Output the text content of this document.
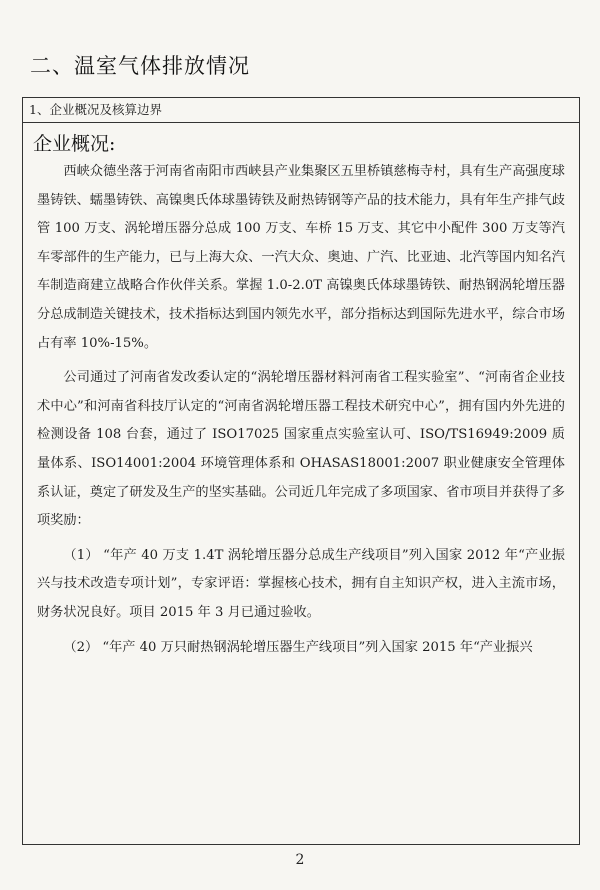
二、温室气体排放情况
1、企业概况及核算边界
企业概况:

西峡众德坐落于河南省南阳市西峡县产业集聚区五里桥镇慈梅寺村，具有生产高强度球墨铸铁、蠕墨铸铁、高镍奥氏体球墨铸铁及耐热铸钢等产品的技术能力，具有年生产排气歧管 100 万支、涡轮增压器分总成 100 万支、车桥 15 万支、其它中小配件 300 万支等汽车零部件的生产能力，已与上海大众、一汽大众、奥迪、广汽、比亚迪、北汽等国内知名汽车制造商建立战略合作伙伴关系。掌握 1.0-2.0T 高镍奥氏体球墨铸铁、耐热钢涡轮增压器分总成制造关键技术，技术指标达到国内领先水平，部分指标达到国际先进水平，综合市场占有率 10%-15%。

公司通过了河南省发改委认定的“涡轮增压器材料河南省工程实验室”、“河南省企业技术中心”和河南省科技厅认定的“河南省涡轮增压器工程技术研究中心”，拥有国内外先进的检测设备 108 台套，通过了 ISO17025 国家重点实验室认可、ISO/TS16949:2009 质量体系、ISO14001:2004 环境管理体系和 OHASAS18001:2007 职业健康安全管理体系认证，奠定了研发及生产的坚实基础。公司近几年完成了多项国家、省市项目并获得了多项奖励：

（1） “年产 40 万支 1.4T 涡轮增压器分总成生产线项目”列入国家 2012 年“产业振兴与技术改造专项计划”，专家评语：掌握核心技术，拥有自主知识产权，进入主流市场，财务状况良好。项目 2015 年 3 月已通过验收。

（2） “年产 40 万只耐热钢涡轮增压器生产线项目”列入国家 2015 年“产业振兴

2
